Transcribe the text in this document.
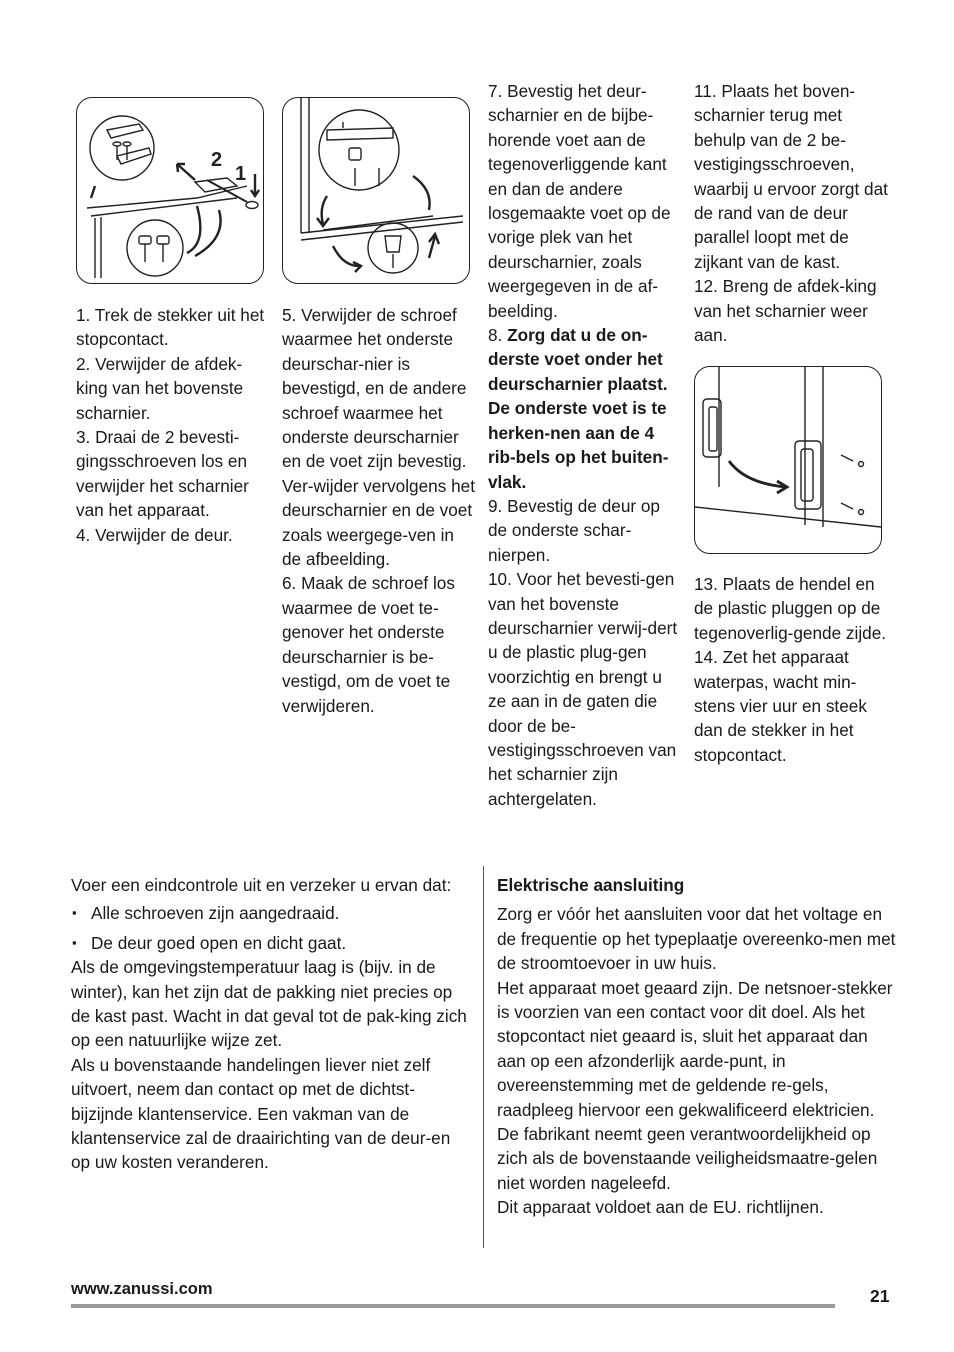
2
1

1. Trek de stekker uit het stopcontact.

2. Verwijder de afdek-king van het bovenste scharnier.

3. Draai de 2 bevesti-gingsschroeven los en verwijder het scharnier van het apparaat.

4. Verwijder de deur.

5. Verwijder de schroef waarmee het onderste deurschar-nier is bevestigd, en de andere schroef waarmee het onderste deurscharnier en de voet zijn bevestig. Ver-wijder vervolgens het deurscharnier en de voet zoals weergege-ven in de afbeelding.

6. Maak de schroef los waarmee de voet te-genover het onderste deurscharnier is be-vestigd, om de voet te verwijderen.

7. Bevestig het deur-scharnier en de bijbe-horende voet aan de tegenoverliggende kant en dan de andere losgemaakte voet op de vorige plek van het deurscharnier, zoals weergegeven in de af-beelding.

8. Zorg dat u de on-derste voet onder het deurscharnier plaatst. De onderste voet is te herken-nen aan de 4 rib-bels op het buiten-vlak.

9. Bevestig de deur op de onderste schar-nierpen.

10. Voor het bevesti-gen van het bovenste deurscharnier verwij-dert u de plastic plug-gen voorzichtig en brengt u ze aan in de gaten die door de be-vestigingsschroeven van het scharnier zijn achtergelaten.

11. Plaats het boven-scharnier terug met behulp van de 2 be-vestigingsschroeven, waarbij u ervoor zorgt dat de rand van de deur parallel loopt met de zijkant van de kast.

12. Breng de afdek-king van het scharnier weer aan.

13. Plaats de hendel en de plastic pluggen op de tegenoverlig-gende zijde.

14. Zet het apparaat waterpas, wacht min-stens vier uur en steek dan de stekker in het stopcontact.

Voer een eindcontrole uit en verzeker u ervan dat:

▪ Alle schroeven zijn aangedraaid.
▪ De deur goed open en dicht gaat.

Als de omgevingstemperatuur laag is (bijv. in de winter), kan het zijn dat de pakking niet precies op de kast past. Wacht in dat geval tot de pak-king zich op een natuurlijke wijze zet.

Als u bovenstaande handelingen liever niet zelf uitvoert, neem dan contact op met de dichtst-bijzijnde klantenservice. Een vakman van de klantenservice zal de draairichting van de deur-en op uw kosten veranderen.

Elektrische aansluiting

Zorg er vóór het aansluiten voor dat het voltage en de frequentie op het typeplaatje overeenko-men met de stroomtoevoer in uw huis.

Het apparaat moet geaard zijn. De netsnoer-stekker is voorzien van een contact voor dit doel. Als het stopcontact niet geaard is, sluit het apparaat dan aan op een afzonderlijk aarde-punt, in overeenstemming met de geldende re-gels, raadpleeg hiervoor een gekwalificeerd elektricien.

De fabrikant neemt geen verantwoordelijkheid op zich als de bovenstaande veiligheidsmaatre-gelen niet worden nageleefd.

Dit apparaat voldoet aan de EU. richtlijnen.

www.zanussi.com	21
